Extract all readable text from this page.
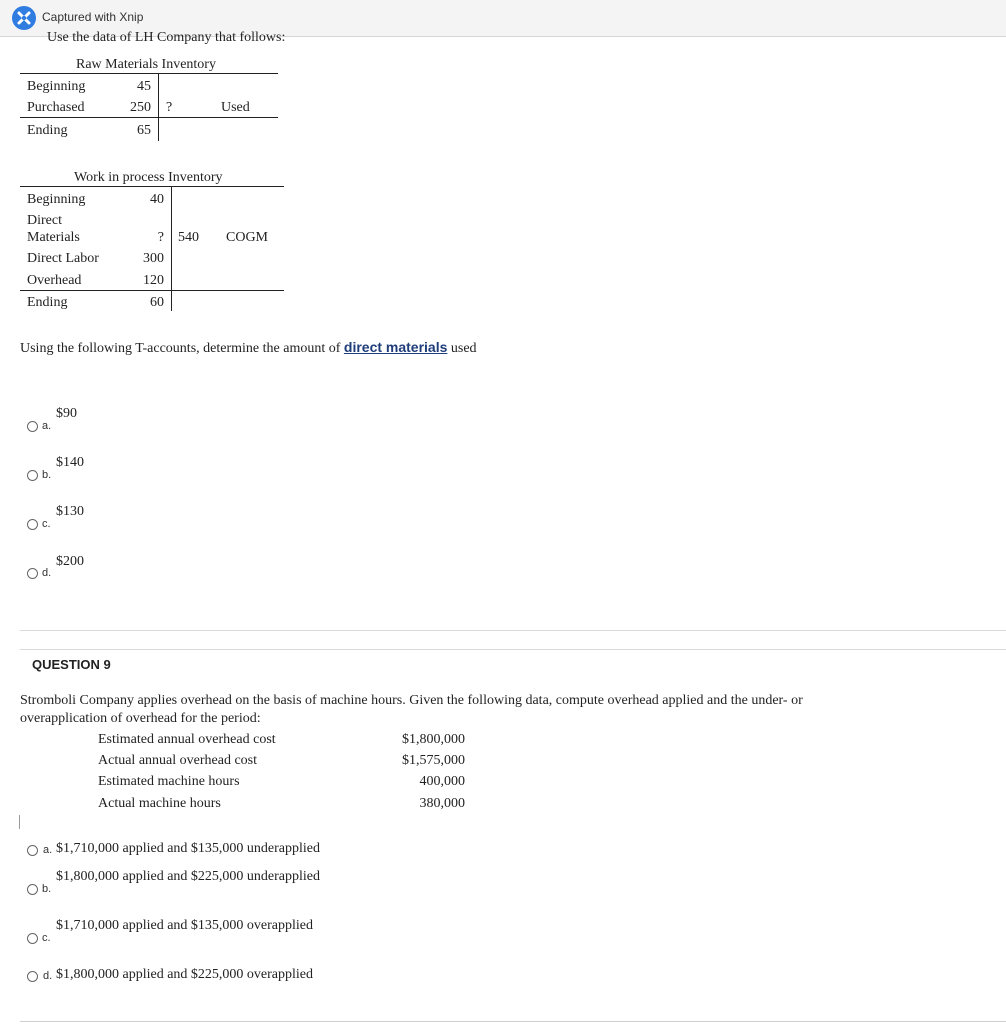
Captured with Xnip
Use the data of LH Company that follows:
Raw Materials Inventory
Beginning	45
Purchased	250
Ending	65
?	Used
Work in process Inventory
Beginning	40
Direct
Materials	?
Direct Labor	300
Overhead	120
Ending	60
540 COGM
Using the following T-accounts, determine the amount of direct materials used
a.
$90
b.
$140
c.
$130
d.
$200
QUESTION 9
Stromboli Company applies overhead on the basis of machine hours. Given the following data, compute overhead applied and the under- or
overapplication of overhead for the period:
Estimated annual overhead cost	$1,800,000
Actual annual overhead cost	$1,575,000
Estimated machine hours	400,000
Actual machine hours	380,000
a. $1,710,000 applied and $135,000 underapplied
b.
$1,800,000 applied and $225,000 underapplied
c.
$1,710,000 applied and $135,000 overapplied
d. $1,800,000 applied and $225,000 overapplied
